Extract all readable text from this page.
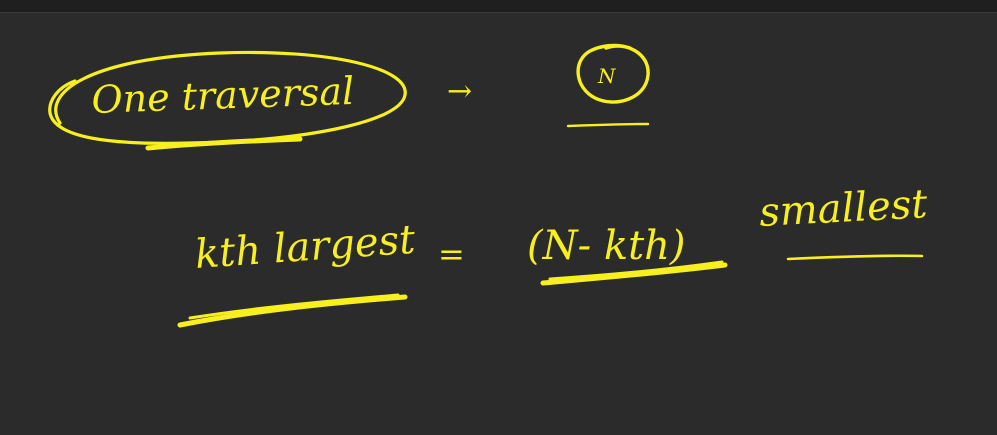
One traversal	→	N
kth largest = (N- kth)
smallest
